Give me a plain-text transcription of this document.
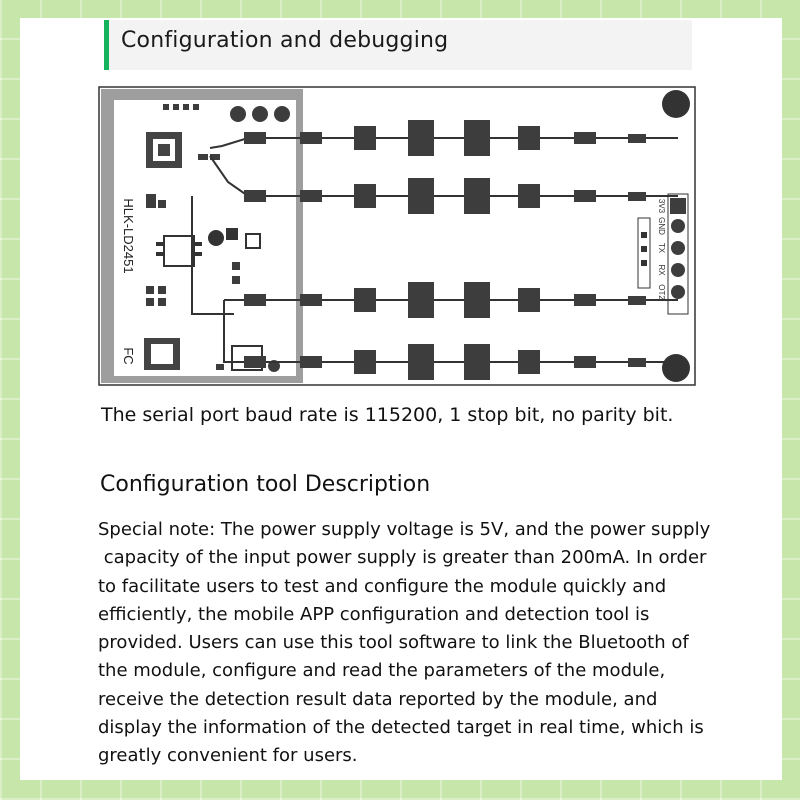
Configuration and debugging
HLK-LD2451
FC
3V3
GND
TX
RX
OT2
The serial port baud rate is 115200, 1 stop bit, no parity bit.
Configuration tool Description
Special note: The power supply voltage is 5V, and the power supply
capacity of the input power supply is greater than 200mA. In order
to facilitate users to test and configure the module quickly and
efficiently, the mobile APP configuration and detection tool is
provided. Users can use this tool software to link the Bluetooth of
the module, configure and read the parameters of the module,
receive the detection result data reported by the module, and
display the information of the detected target in real time, which is
greatly convenient for users.
